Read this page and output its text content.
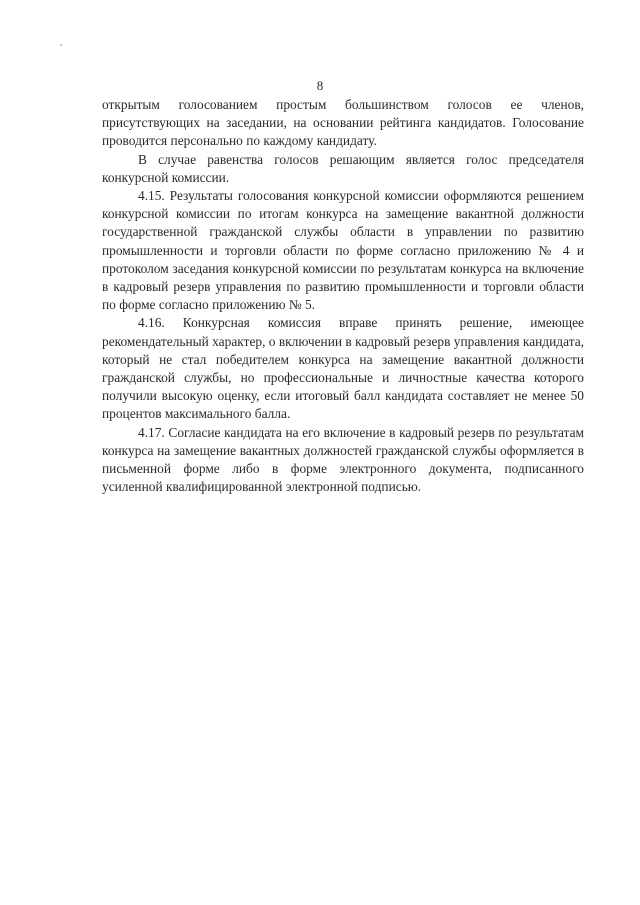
8

открытым голосованием простым большинством голосов ее членов, присутствующих на заседании, на основании рейтинга кандидатов. Голосование проводится персонально по каждому кандидату.

В случае равенства голосов решающим является голос председателя конкурсной комиссии.

4.15. Результаты голосования конкурсной комиссии оформляются решением конкурсной комиссии по итогам конкурса на замещение вакантной должности государственной гражданской службы области в управлении по развитию промышленности и торговли области по форме согласно приложению № 4 и протоколом заседания конкурсной комиссии по результатам конкурса на включение в кадровый резерв управления по развитию промышленности и торговли области по форме согласно приложению № 5.

4.16. Конкурсная комиссия вправе принять решение, имеющее рекомендательный характер, о включении в кадровый резерв управления кандидата, который не стал победителем конкурса на замещение вакантной должности гражданской службы, но профессиональные и личностные качества которого получили высокую оценку, если итоговый балл кандидата составляет не менее 50 процентов максимального балла.

4.17. Согласие кандидата на его включение в кадровый резерв по результатам конкурса на замещение вакантных должностей гражданской службы оформляется в письменной форме либо в форме электронного документа, подписанного усиленной квалифицированной электронной подписью.
